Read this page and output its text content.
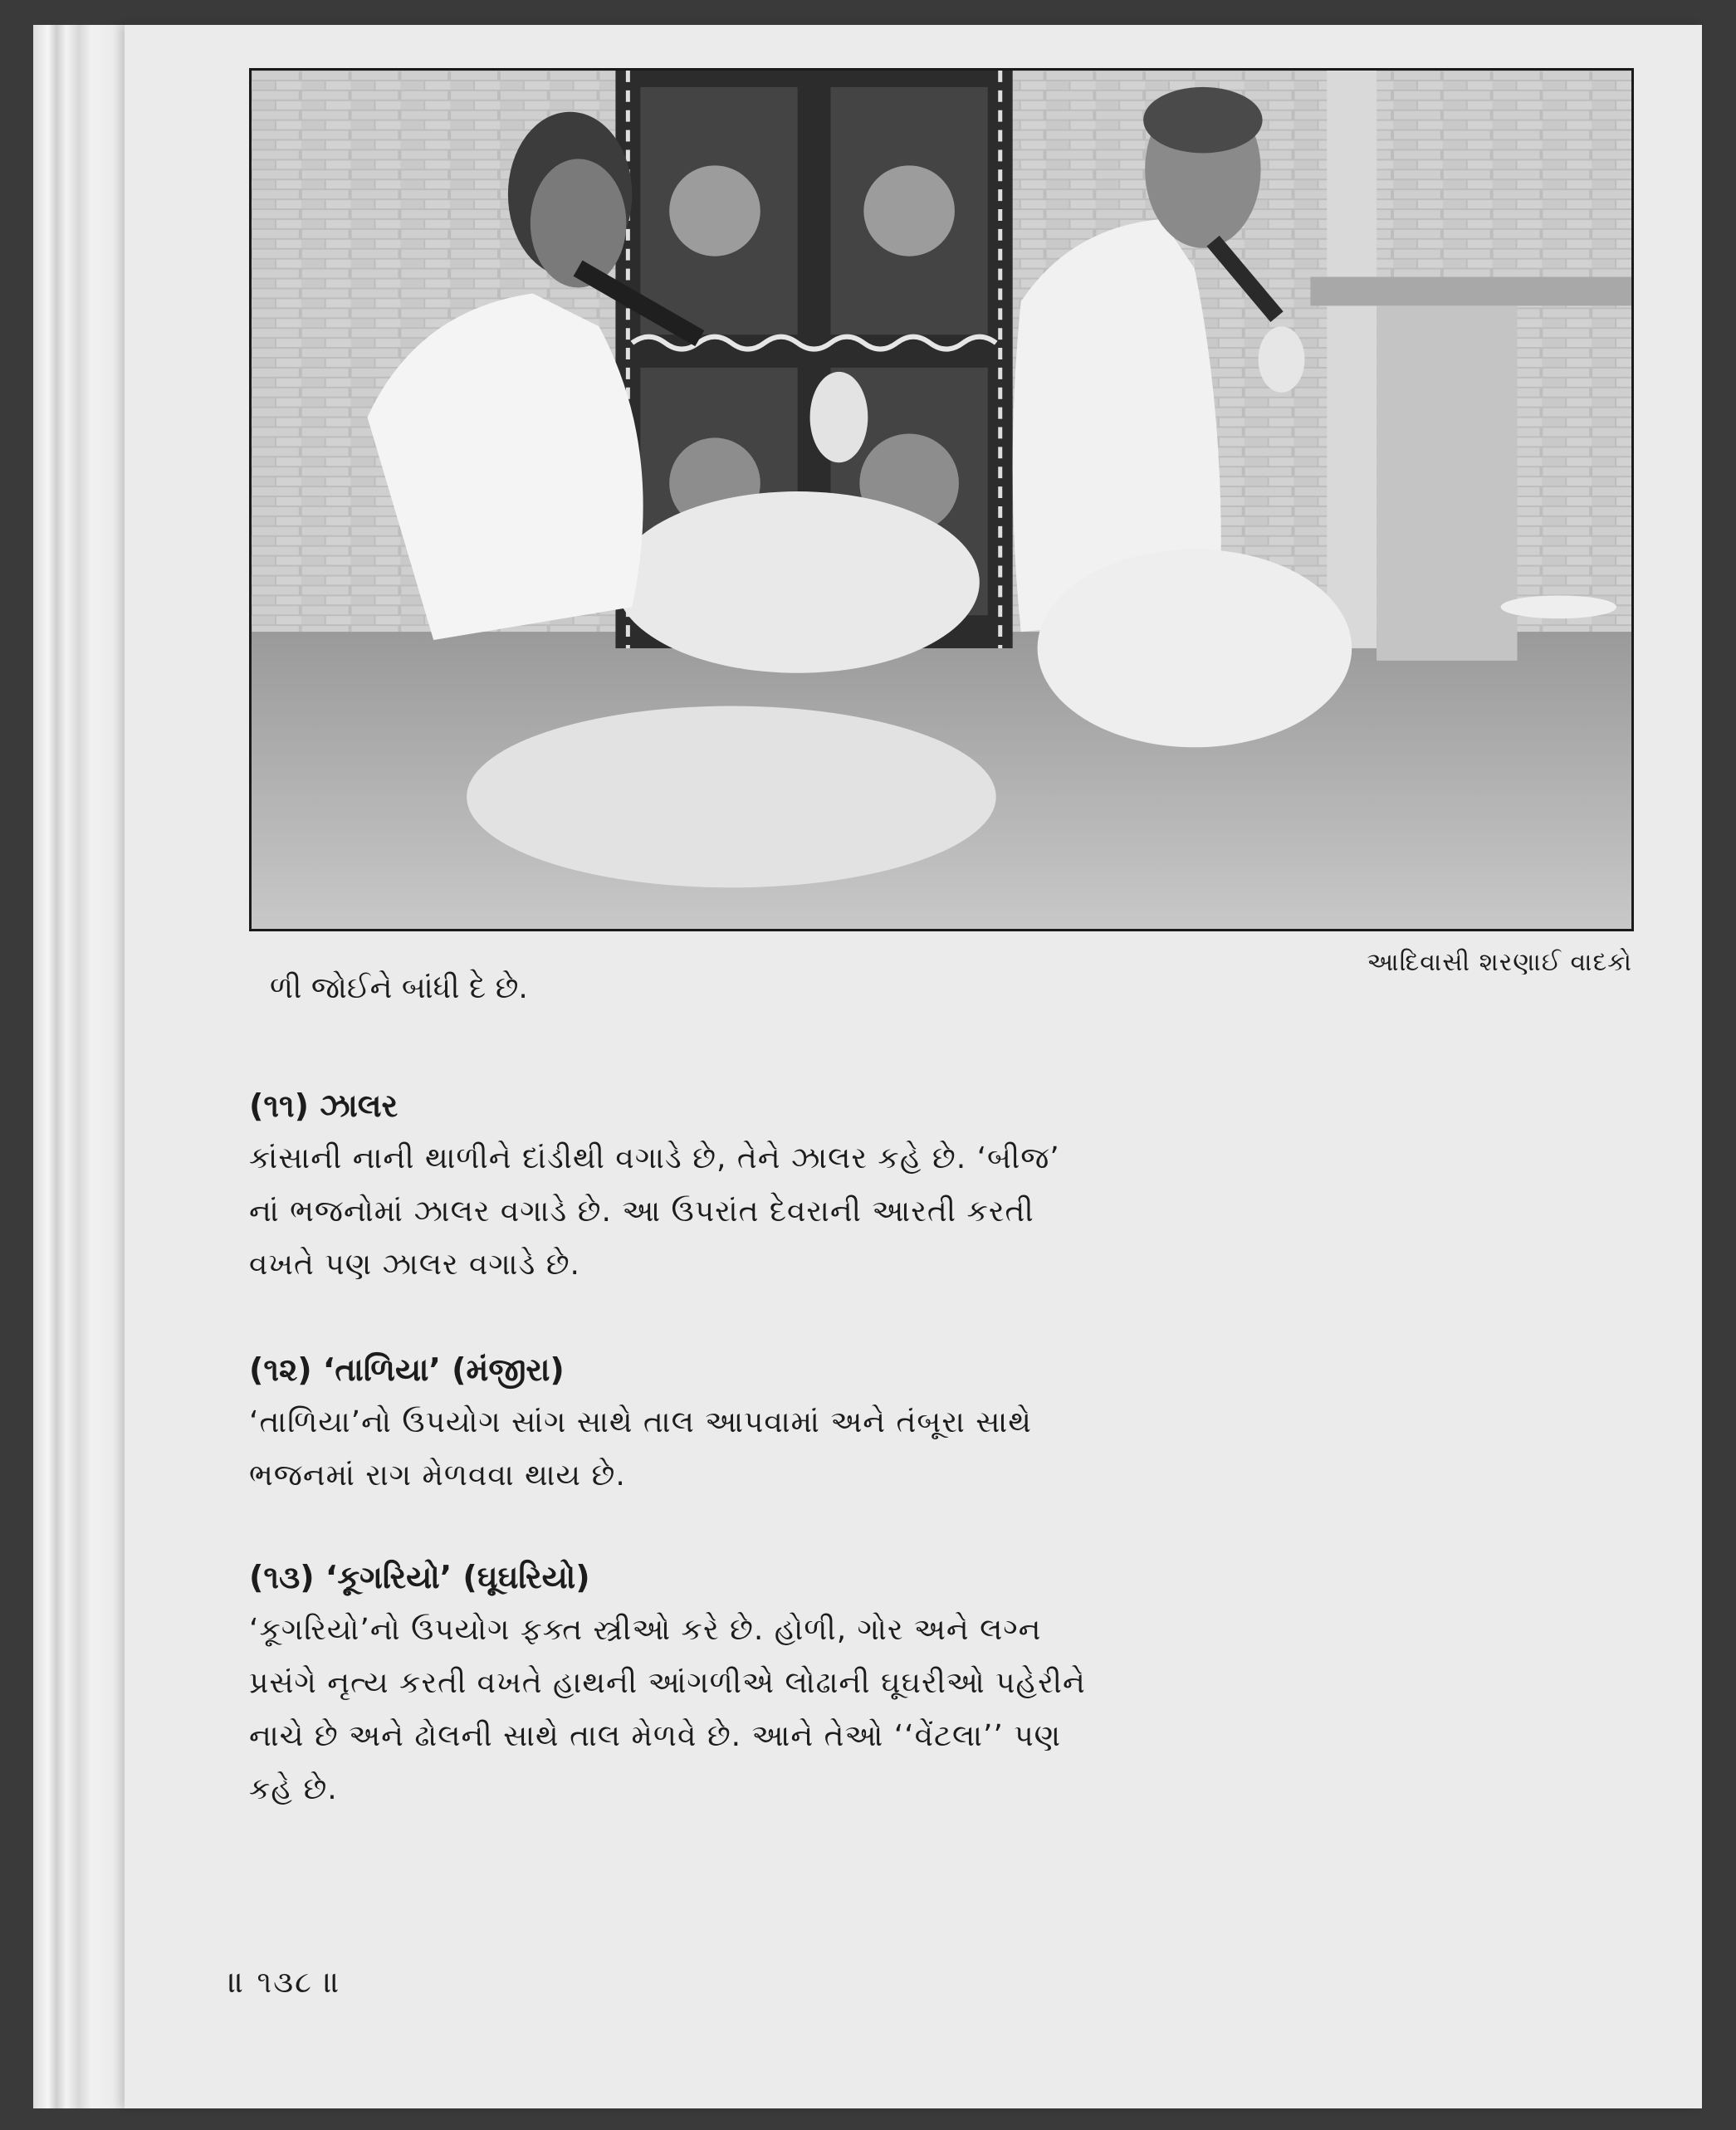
આદિવાસી શરણાઈ વાદકો
ળી જોઈને બાંધી દે છે.
(૧૧) ઝાલર
કાંસાની નાની થાળીને દાંડીથી વગાડે છે, તેને ઝાલર કહે છે. ‘બીજ’
નાં ભજનોમાં ઝાલર વગાડે છે. આ ઉપરાંત દેવરાની આરતી કરતી
વખતે પણ ઝાલર વગાડે છે.
(૧૨) ‘તાળિયા’ (મંજીરા)
‘તાળિયા’નો ઉપયોગ સાંગ સાથે તાલ આપવામાં અને તંબૂરા સાથે
ભજનમાં રાગ મેળવવા થાય છે.
(૧૩) ‘કૂગરિયો’ (ઘૂઘરિયો)
‘કૂગરિયો’નો ઉપયોગ ફક્ત સ્ત્રીઓ કરે છે. હોળી, ગોર અને લગ્ન
પ્રસંગે નૃત્ય કરતી વખતે હાથની આંગળીએ લોઢાની ઘૂઘરીઓ પહેરીને
નાચે છે અને ઢોલની સાથે તાલ મેળવે છે. આને તેઓ ‘‘વેંટલા’’ પણ
કહે છે.
॥ ૧૩૮ ॥
